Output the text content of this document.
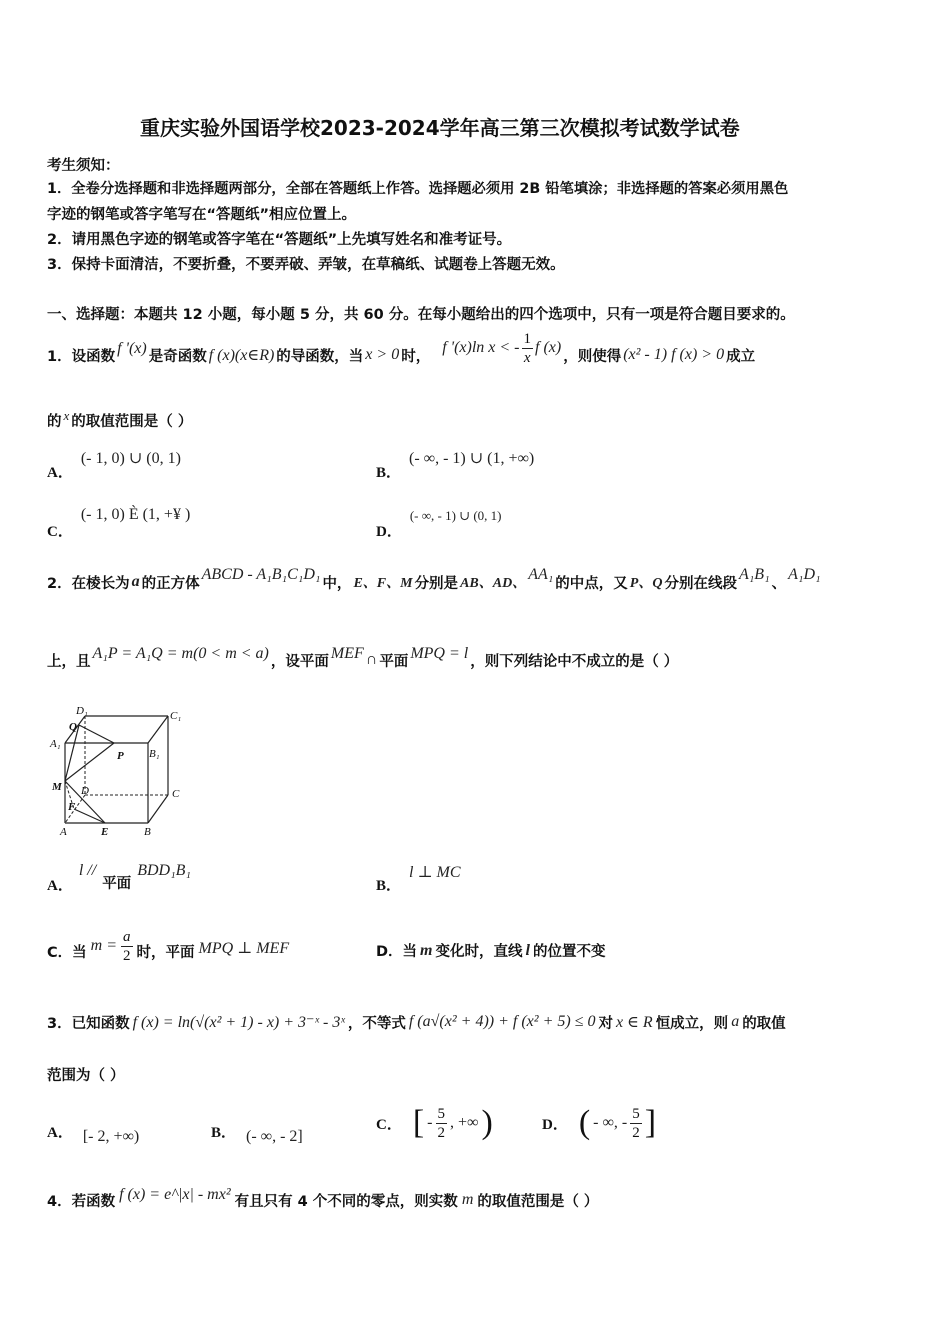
重庆实验外国语学校2023-2024学年高三第三次模拟考试数学试卷
考生须知：
1．全卷分选择题和非选择题两部分，全部在答题纸上作答。选择题必须用 2B 铅笔填涂；非选择题的答案必须用黑色
字迹的钢笔或答字笔写在“答题纸”相应位置上。
2．请用黑色字迹的钢笔或答字笔在“答题纸”上先填写姓名和准考证号。
3．保持卡面清洁，不要折叠，不要弄破、弄皱，在草稿纸、试题卷上答题无效。
一、选择题：本题共 12 小题，每小题 5 分，共 60 分。在每小题给出的四个选项中，只有一项是符合题目要求的。
1．设函数 f '(x) 是奇函数 f (x)(x∈R) 的导函数，当 x > 0 时，
f '(x)ln x < - $\frac{1}{x}$ f (x)
，则使得 (x² - 1) f (x) > 0 成立
的 x 的取值范围是（ ）
A．
(- 1, 0) ∪ (0, 1)
B．
(- ∞, - 1) ∪ (1, +∞)
C．
(- 1, 0) È (1, +¥ )
D．
(- ∞, - 1) ∪ (0, 1)
2．在棱长为 a 的正方体
ABCD - A₁B₁C₁D₁
中， E、F、M 分别是 AB、AD、
AA₁
的中点，又 P、Q 分别在线段
A₁B₁
、
A₁D₁
上，且 A₁P = A₁Q = m(0 < m < a) ，设平面 MEF ∩ 平面 MPQ = l ，则下列结论中不成立的是（ ）
D₁	C₁
Q
A₁
P B₁
M D
F
C
A	E	B
A．
l //
平面
BDD₁B₁
B．
l ⊥ MC
C．当 $m = \frac{a}{2}$ 时，平面 MPQ ⊥ MEF	D．当 m 变化时，直线 l 的位置不变
3．已知函数 f (x) = ln(√(x² + 1) - x) + 3⁻ˣ - 3ˣ ，不等式 f (a√(x² + 4)) + f (x² + 5) ≤ 0 对 x ∈ R 恒成立，则 a 的取值
范围为（ ）
A． [- 2, +∞)	B． (- ∞, - 2]
C． [ - $\frac{5}{2}$ , +∞ )	D． ( - ∞, - $\frac{5}{2}$ ]
4．若函数 f (x) = e^|x| - mx² 有且只有 4 个不同的零点，则实数 m 的取值范围是（ ）
